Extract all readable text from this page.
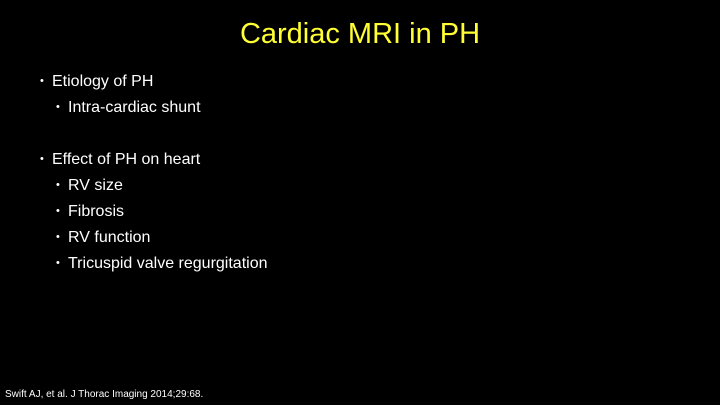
Cardiac MRI in PH
• Etiology of PH
• Intra-cardiac shunt
• Effect of PH on heart
• RV size
• Fibrosis
• RV function
• Tricuspid valve regurgitation
Swift AJ, et al. J Thorac Imaging 2014;29:68.
